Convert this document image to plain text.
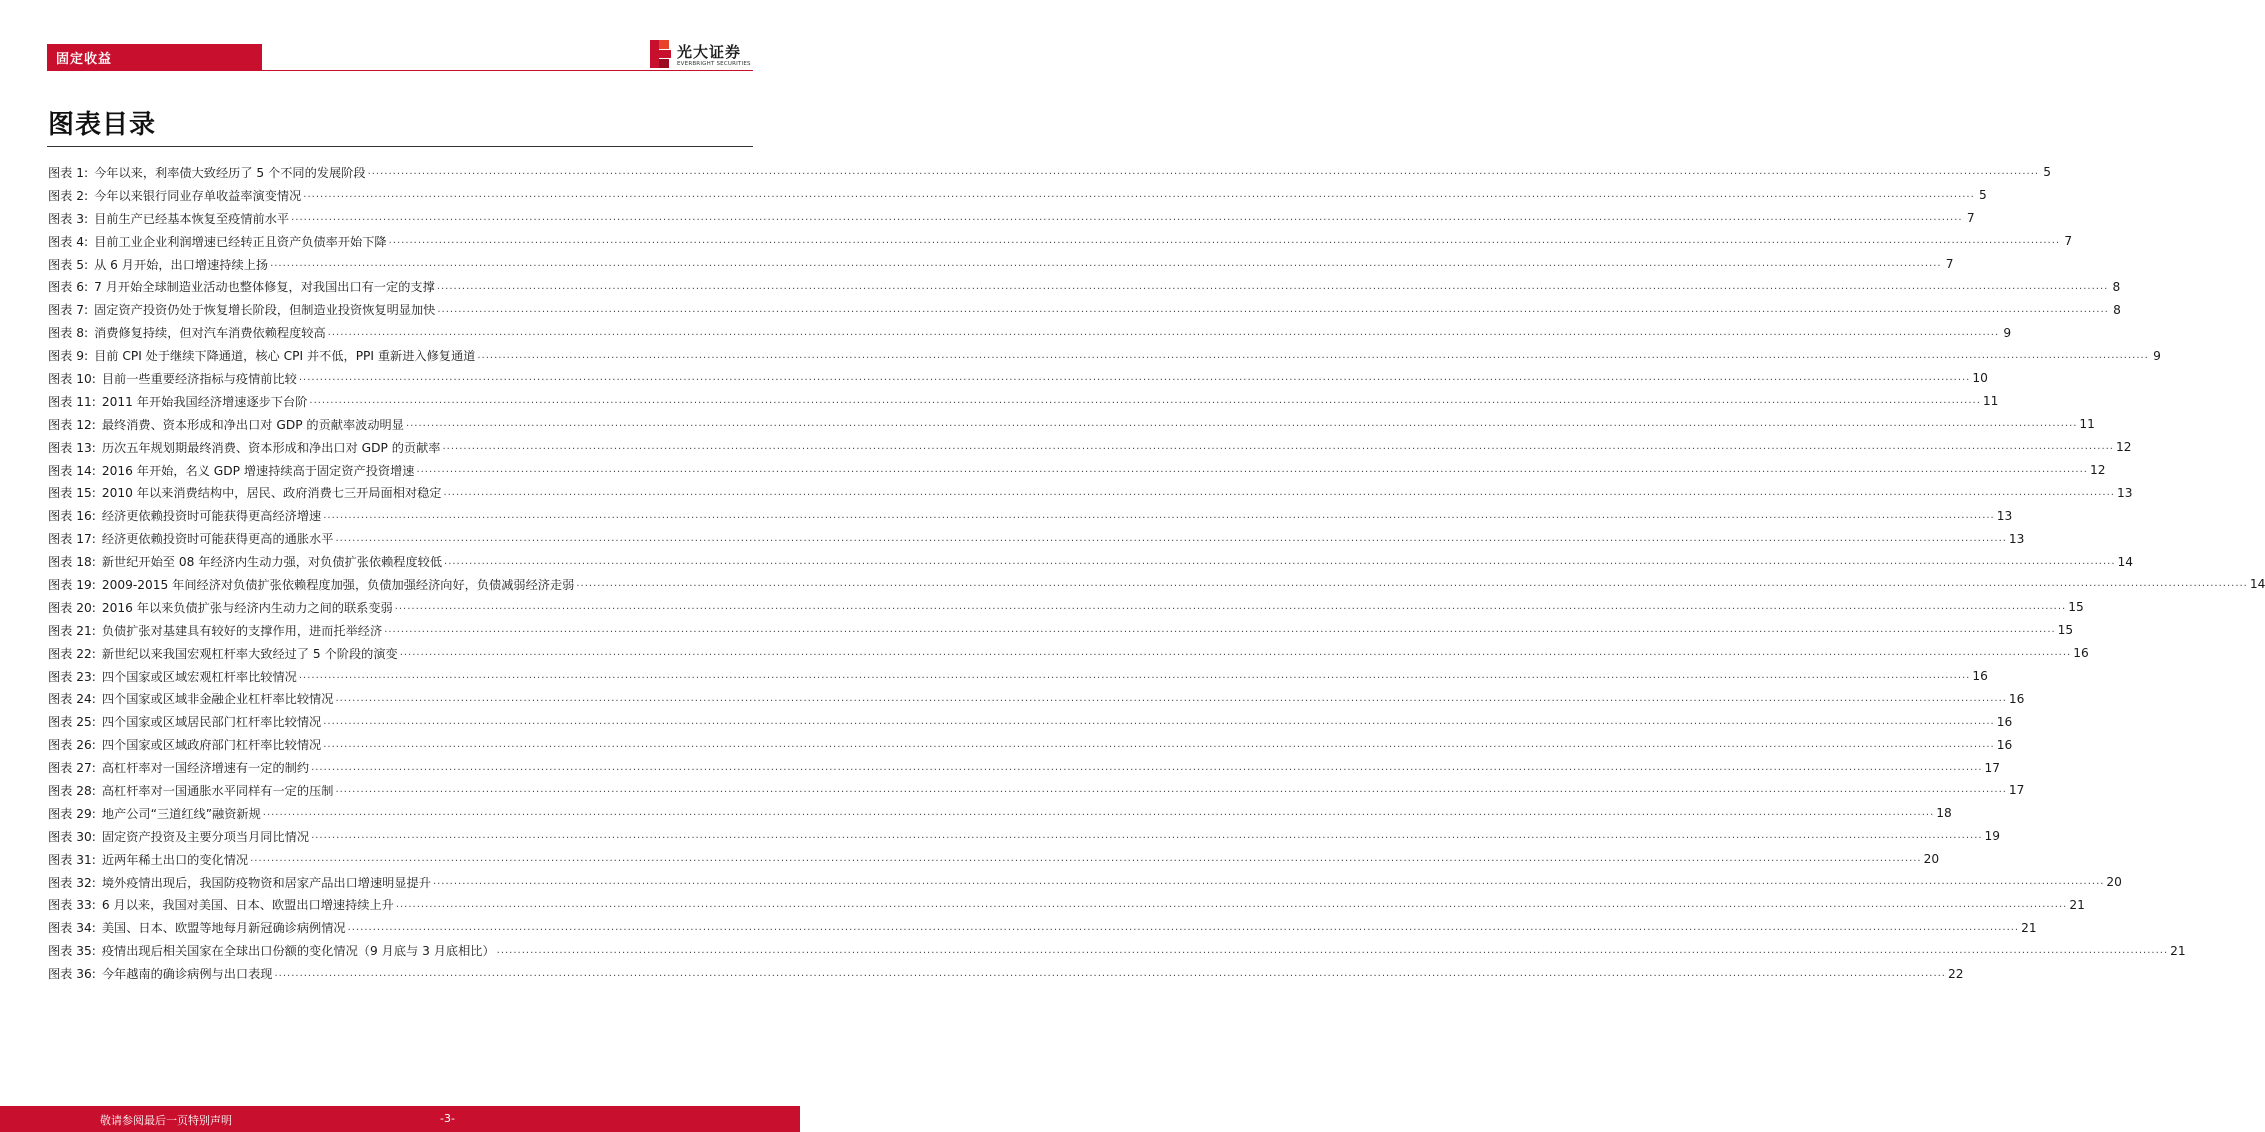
固定收益	光大证券
EVERBRIGHT SECURITIES
图表目录
图表 1: 今年以来，利率债大致经历了 5 个不同的发展阶段 ................................................................................................................................................................................................................................................................................................................................................................................................................ 5
图表 2: 今年以来银行同业存单收益率演变情况 ................................................................................................................................................................................................................................................................................................................................................................................................................ 5
图表 3: 目前生产已经基本恢复至疫情前水平 ................................................................................................................................................................................................................................................................................................................................................................................................................ 7
图表 4: 目前工业企业利润增速已经转正且资产负债率开始下降 ................................................................................................................................................................................................................................................................................................................................................................................................................ 7
图表 5: 从 6 月开始，出口增速持续上扬 ................................................................................................................................................................................................................................................................................................................................................................................................................ 7
图表 6: 7 月开始全球制造业活动也整体修复，对我国出口有一定的支撑 ................................................................................................................................................................................................................................................................................................................................................................................................................ 8
图表 7: 固定资产投资仍处于恢复增长阶段，但制造业投资恢复明显加快 ................................................................................................................................................................................................................................................................................................................................................................................................................ 8
图表 8: 消费修复持续，但对汽车消费依赖程度较高 ................................................................................................................................................................................................................................................................................................................................................................................................................ 9
图表 9: 目前 CPI 处于继续下降通道，核心 CPI 并不低，PPI 重新进入修复通道 ................................................................................................................................................................................................................................................................................................................................................................................................................ 9
图表 10: 目前一些重要经济指标与疫情前比较 ................................................................................................................................................................................................................................................................................................................................................................................................................ 10
图表 11: 2011 年开始我国经济增速逐步下台阶 ................................................................................................................................................................................................................................................................................................................................................................................................................ 11
图表 12: 最终消费、资本形成和净出口对 GDP 的贡献率波动明显 ................................................................................................................................................................................................................................................................................................................................................................................................................ 11
图表 13: 历次五年规划期最终消费、资本形成和净出口对 GDP 的贡献率 ................................................................................................................................................................................................................................................................................................................................................................................................................ 12
图表 14: 2016 年开始，名义 GDP 增速持续高于固定资产投资增速 ................................................................................................................................................................................................................................................................................................................................................................................................................ 12
图表 15: 2010 年以来消费结构中，居民、政府消费七三开局面相对稳定 ................................................................................................................................................................................................................................................................................................................................................................................................................ 13
图表 16: 经济更依赖投资时可能获得更高经济增速 ................................................................................................................................................................................................................................................................................................................................................................................................................ 13
图表 17: 经济更依赖投资时可能获得更高的通胀水平 ................................................................................................................................................................................................................................................................................................................................................................................................................ 13
图表 18: 新世纪开始至 08 年经济内生动力强，对负债扩张依赖程度较低 ................................................................................................................................................................................................................................................................................................................................................................................................................ 14
图表 19: 2009-2015 年间经济对负债扩张依赖程度加强，负债加强经济向好，负债减弱经济走弱 ................................................................................................................................................................................................................................................................................................................................................................................................................ 14
图表 20: 2016 年以来负债扩张与经济内生动力之间的联系变弱 ................................................................................................................................................................................................................................................................................................................................................................................................................ 15
图表 21: 负债扩张对基建具有较好的支撑作用，进而托举经济 ................................................................................................................................................................................................................................................................................................................................................................................................................ 15
图表 22: 新世纪以来我国宏观杠杆率大致经过了 5 个阶段的演变 ................................................................................................................................................................................................................................................................................................................................................................................................................ 16
图表 23: 四个国家或区域宏观杠杆率比较情况 ................................................................................................................................................................................................................................................................................................................................................................................................................ 16
图表 24: 四个国家或区域非金融企业杠杆率比较情况 ................................................................................................................................................................................................................................................................................................................................................................................................................ 16
图表 25: 四个国家或区域居民部门杠杆率比较情况 ................................................................................................................................................................................................................................................................................................................................................................................................................ 16
图表 26: 四个国家或区域政府部门杠杆率比较情况 ................................................................................................................................................................................................................................................................................................................................................................................................................ 16
图表 27: 高杠杆率对一国经济增速有一定的制约 ................................................................................................................................................................................................................................................................................................................................................................................................................ 17
图表 28: 高杠杆率对一国通胀水平同样有一定的压制 ................................................................................................................................................................................................................................................................................................................................................................................................................ 17
图表 29: 地产公司“三道红线”融资新规 ................................................................................................................................................................................................................................................................................................................................................................................................................ 18
图表 30: 固定资产投资及主要分项当月同比情况 ................................................................................................................................................................................................................................................................................................................................................................................................................ 19
图表 31: 近两年稀土出口的变化情况 ................................................................................................................................................................................................................................................................................................................................................................................................................ 20
图表 32: 境外疫情出现后，我国防疫物资和居家产品出口增速明显提升 ................................................................................................................................................................................................................................................................................................................................................................................................................ 20
图表 33: 6 月以来，我国对美国、日本、欧盟出口增速持续上升 ................................................................................................................................................................................................................................................................................................................................................................................................................ 21
图表 34: 美国、日本、欧盟等地每月新冠确诊病例情况 ................................................................................................................................................................................................................................................................................................................................................................................................................ 21
图表 35: 疫情出现后相关国家在全球出口份额的变化情况（9 月底与 3 月底相比） ................................................................................................................................................................................................................................................................................................................................................................................................................ 21
图表 36: 今年越南的确诊病例与出口表现 ................................................................................................................................................................................................................................................................................................................................................................................................................ 22
敬请参阅最后一页特别声明	-3-
